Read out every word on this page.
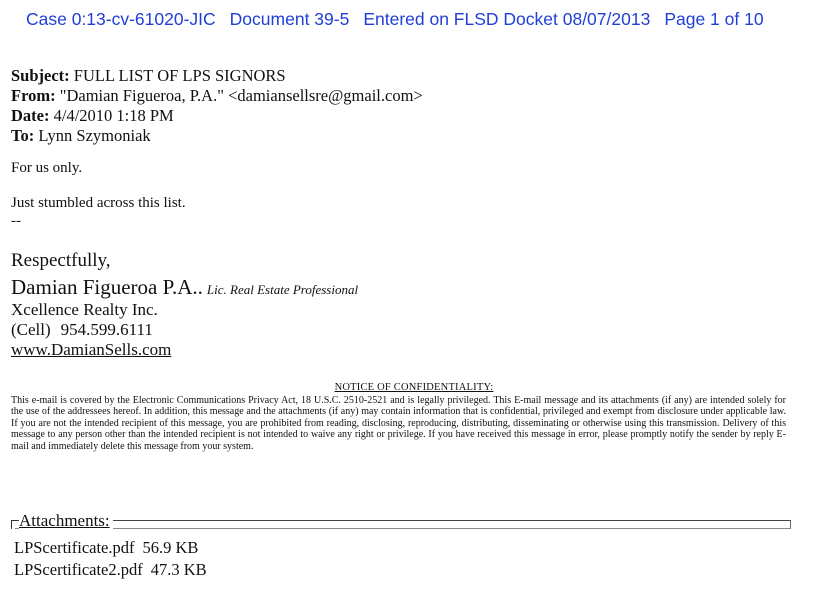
Case 0:13-cv-61020-JIC Document 39-5 Entered on FLSD Docket 08/07/2013 Page 1 of 10
Subject: FULL LIST OF LPS SIGNORS
From: "Damian Figueroa, P.A." <damiansellsre@gmail.com>
Date: 4/4/2010 1:18 PM
To: Lynn Szymoniak
For us only.
Just stumbled across this list.
--
Respectfully,
Damian Figueroa P.A.. Lic. Real Estate Professional
Xcellence Realty Inc.
(Cell) 954.599.6111
www.DamianSells.com
NOTICE OF CONFIDENTIALITY:
This e-mail is covered by the Electronic Communications Privacy Act, 18 U.S.C. 2510-2521 and is legally privileged. This E-mail message and its attachments (if any) are intended solely for the use of the addressees hereof. In addition, this message and the attachments (if any) may contain information that is confidential, privileged and exempt from disclosure under applicable law. If you are not the intended recipient of this message, you are prohibited from reading, disclosing, reproducing, distributing, disseminating or otherwise using this transmission. Delivery of this message to any person other than the intended recipient is not intended to waive any right or privilege. If you have received this message in error, please promptly notify the sender by reply E-mail and immediately delete this message from your system.
Attachments:
LPScertificate.pdf 56.9 KB
LPScertificate2.pdf 47.3 KB
